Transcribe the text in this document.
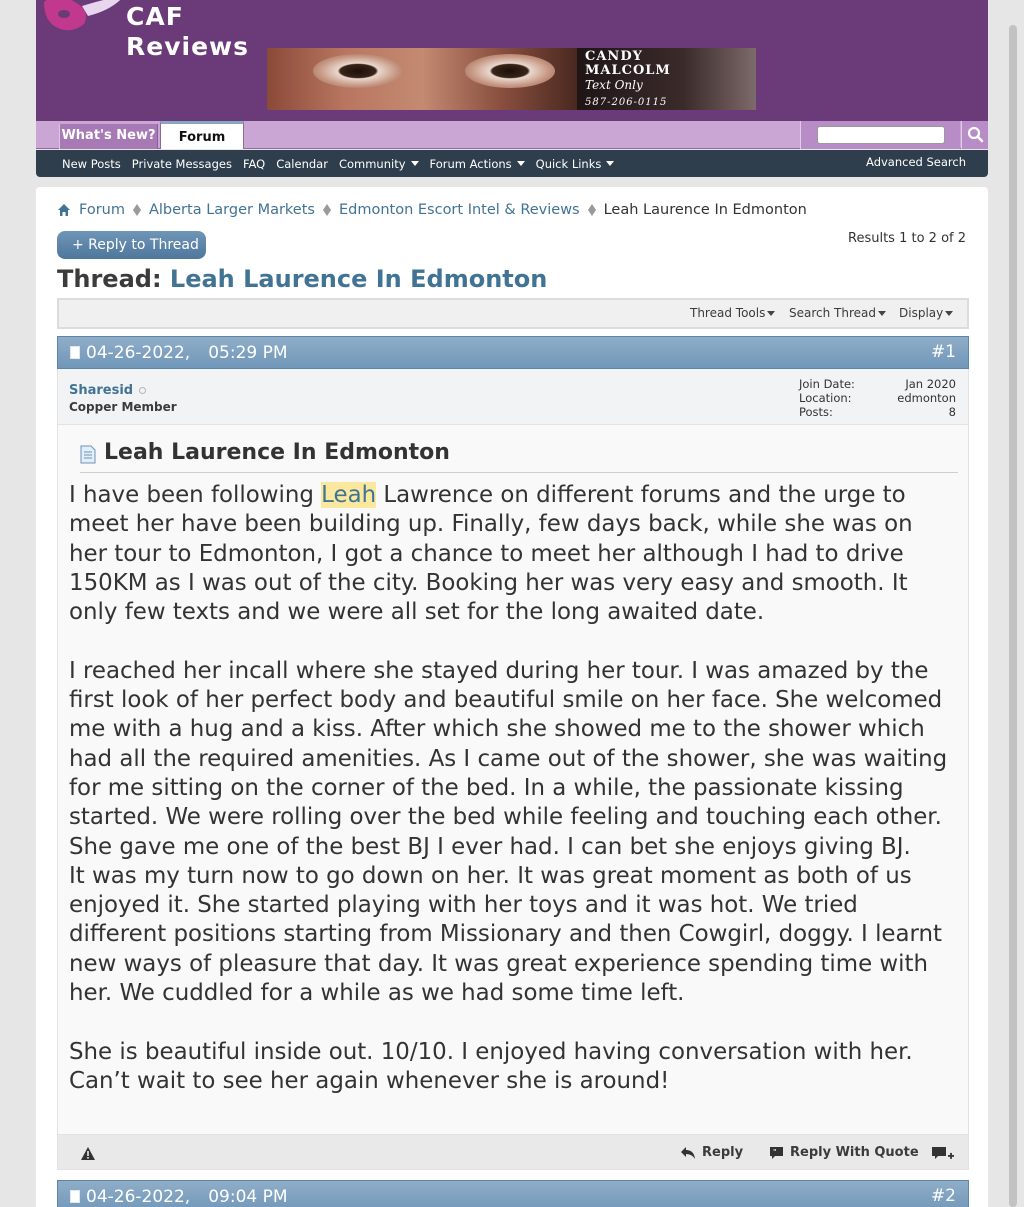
CAF Reviews	CANDY
MALCOLM
Text Only
587-206-0115
What's New?	Forum
New Posts Private Messages FAQ Calendar Community Forum Actions Quick Links	Advanced Search
Forum Alberta Larger Markets Edmonton Escort Intel & Reviews Leah Laurence In Edmonton
+ Reply to Thread	Results 1 to 2 of 2
Thread: Leah Laurence In Edmonton
Thread Tools Search Thread Display
04-26-2022, 05:29 PM	#1
Sharesid
Copper Member
Join Date:	Jan 2020
Location:	edmonton
Posts:	8
Leah Laurence In Edmonton

I have been following Leah Lawrence on different forums and the urge to
meet her have been building up. Finally, few days back, while she was on
her tour to Edmonton, I got a chance to meet her although I had to drive
150KM as I was out of the city. Booking her was very easy and smooth. It
only few texts and we were all set for the long awaited date.

I reached her incall where she stayed during her tour. I was amazed by the
first look of her perfect body and beautiful smile on her face. She welcomed
me with a hug and a kiss. After which she showed me to the shower which
had all the required amenities. As I came out of the shower, she was waiting
for me sitting on the corner of the bed. In a while, the passionate kissing
started. We were rolling over the bed while feeling and touching each other.
She gave me one of the best BJ I ever had. I can bet she enjoys giving BJ.
It was my turn now to go down on her. It was great moment as both of us
enjoyed it. She started playing with her toys and it was hot. We tried
different positions starting from Missionary and then Cowgirl, doggy. I learnt
new ways of pleasure that day. It was great experience spending time with
her. We cuddled for a while as we had some time left.

She is beautiful inside out. 10/10. I enjoyed having conversation with her.
Can’t wait to see her again whenever she is around!

Reply	" Reply With Quote
04-26-2022, 09:04 PM	#2
